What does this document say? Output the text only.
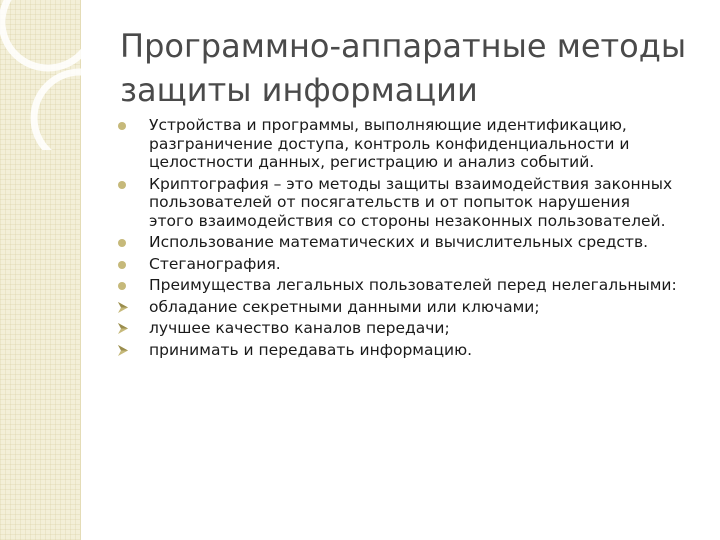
Программно-аппаратные методы защиты информации
Устройства и программы, выполняющие идентификацию, разграничение доступа, контроль конфиденциальности и целостности данных, регистрацию и анализ событий.
Криптография – это методы защиты взаимодействия законных пользователей от посягательств и от попыток нарушения этого взаимодействия со стороны незаконных пользователей.
Использование математических и вычислительных средств.
Стеганография.
Преимущества легальных пользователей перед нелегальными:
обладание секретными данными или ключами;
лучшее качество каналов передачи;
принимать и передавать информацию.
